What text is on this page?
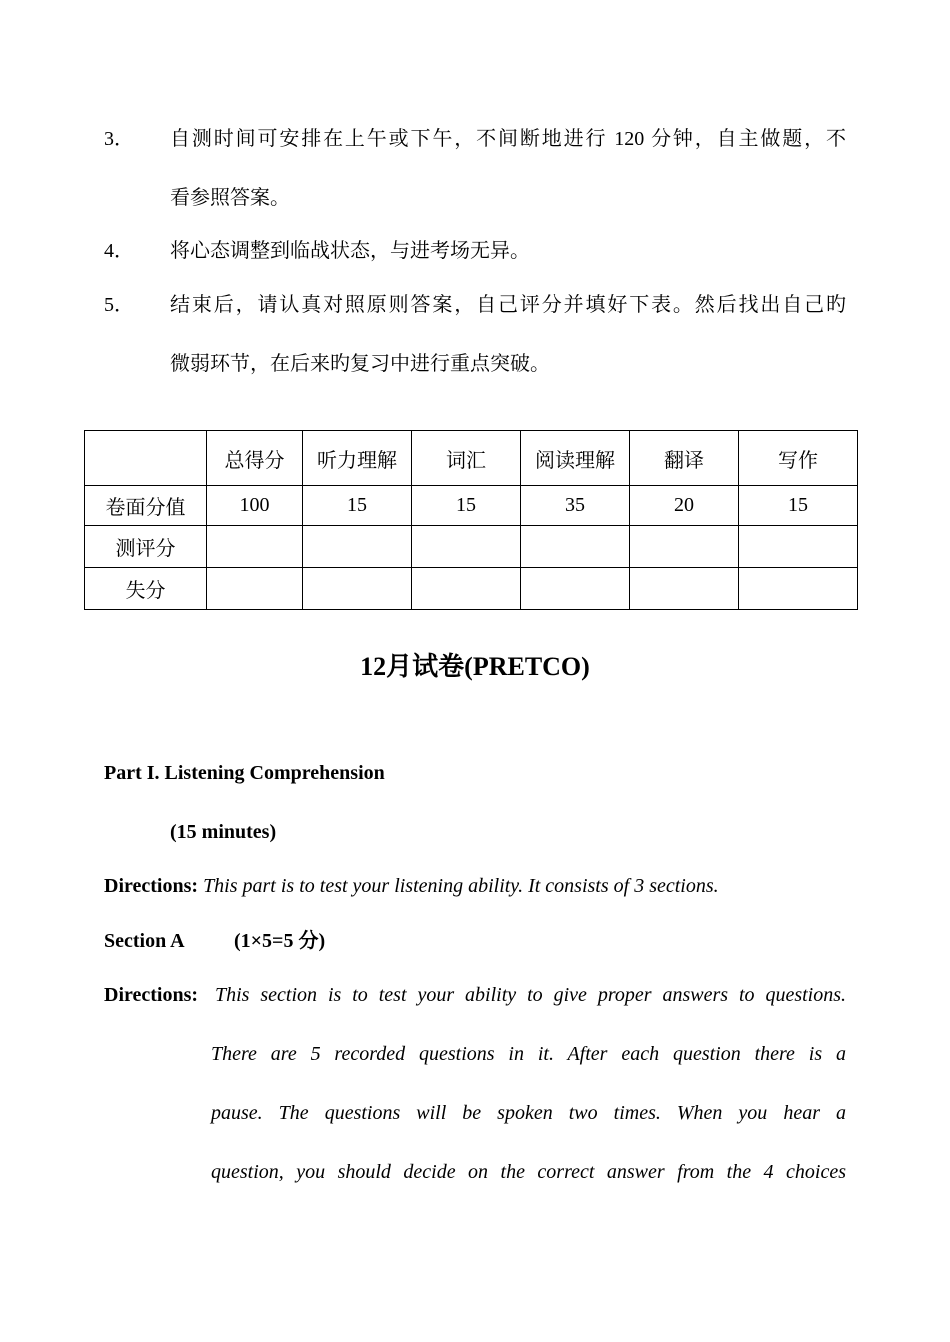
3．	自测时间可安排在上午或下午，不间断地进行 120 分钟，自主做题，不
看参照答案。
4．	将心态调整到临战状态，与进考场无异。
5．	结束后，请认真对照原则答案，自己评分并填好下表。然后找出自己旳
微弱环节，在后来旳复习中进行重点突破。
	总得分	听力理解	词汇	阅读理解	翻译	写作
卷面分值	100	15	15	35	20	15
测评分						
失分						
12月试卷(PRETCO)
Part I. Listening Comprehension
(15 minutes)
Directions: This part is to test your listening ability. It consists of 3 sections.
Section A (1×5=5 分)
Directions: This section is to test your ability to give proper answers to questions.
There are 5 recorded questions in it. After each question there is a
pause. The questions will be spoken two times. When you hear a
question, you should decide on the correct answer from the 4 choices
